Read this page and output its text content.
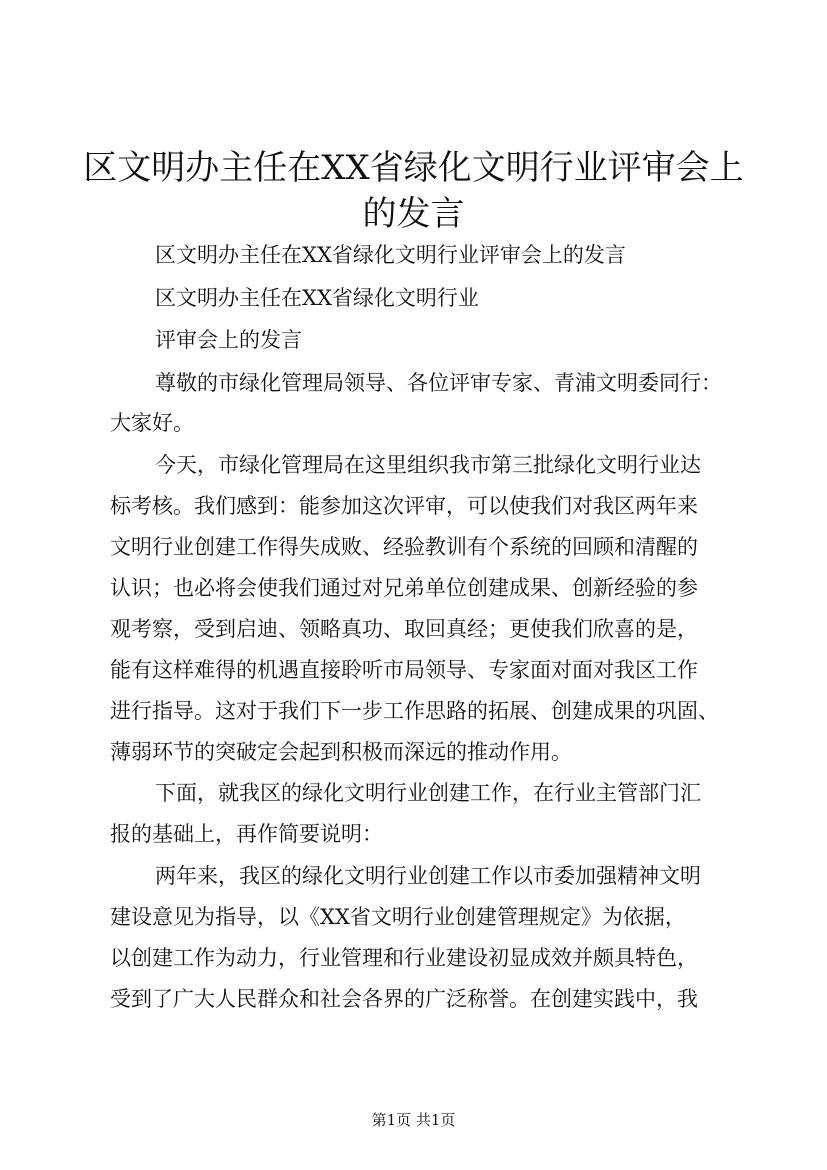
区文明办主任在XX省绿化文明行业评审会上
的发言

区文明办主任在XX省绿化文明行业评审会上的发言

区文明办主任在XX省绿化文明行业

评审会上的发言

尊敬的市绿化管理局领导、各位评审专家、青浦文明委同行：

大家好。

今天，市绿化管理局在这里组织我市第三批绿化文明行业达

标考核。我们感到：能参加这次评审，可以使我们对我区两年来

文明行业创建工作得失成败、经验教训有个系统的回顾和清醒的

认识；也必将会使我们通过对兄弟单位创建成果、创新经验的参

观考察，受到启迪、领略真功、取回真经；更使我们欣喜的是，

能有这样难得的机遇直接聆听市局领导、专家面对面对我区工作

进行指导。这对于我们下一步工作思路的拓展、创建成果的巩固、

薄弱环节的突破定会起到积极而深远的推动作用。

下面，就我区的绿化文明行业创建工作，在行业主管部门汇

报的基础上，再作简要说明：

两年来，我区的绿化文明行业创建工作以市委加强精神文明

建设意见为指导，以《XX省文明行业创建管理规定》为依据，

以创建工作为动力，行业管理和行业建设初显成效并颇具特色，

受到了广大人民群众和社会各界的广泛称誉。在创建实践中，我

第1页 共1页
